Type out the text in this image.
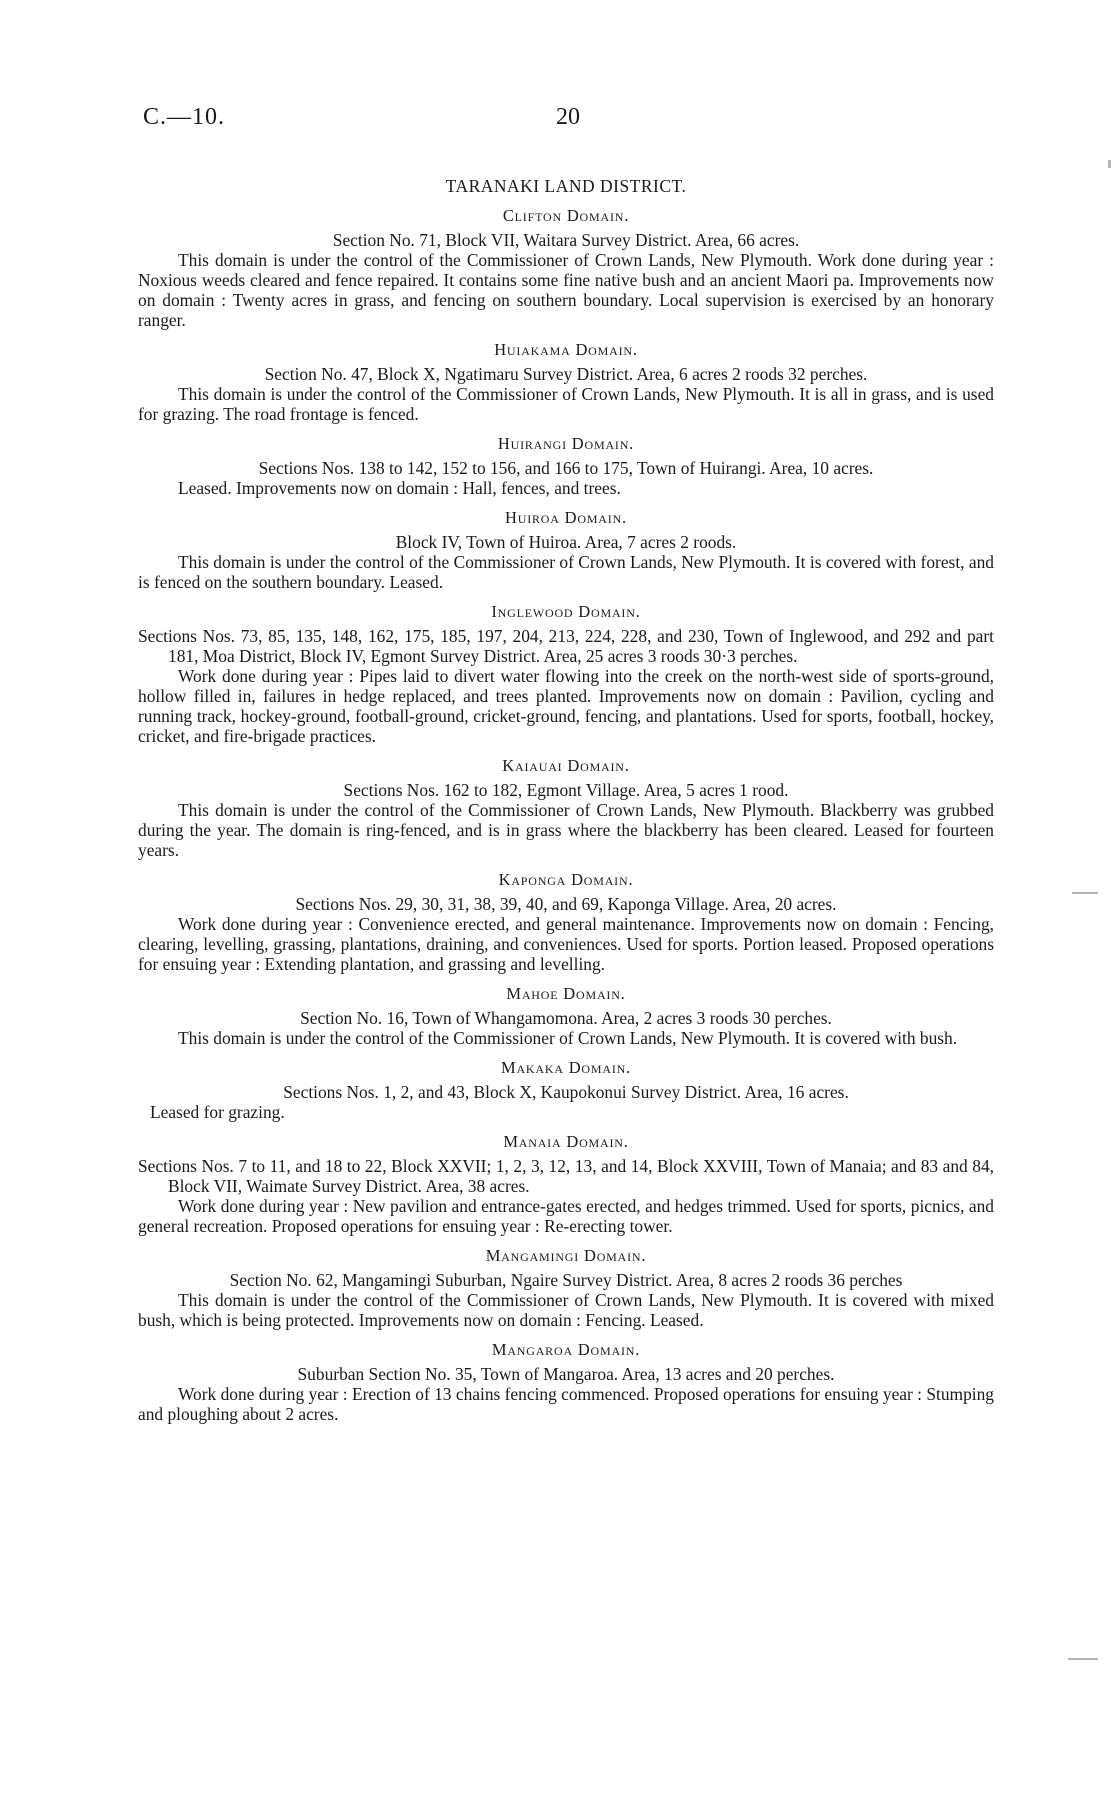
C.—10.	20
TARANAKI LAND DISTRICT.
Clifton Domain.
Section No. 71, Block VII, Waitara Survey District. Area, 66 acres.
This domain is under the control of the Commissioner of Crown Lands, New Plymouth. Work done during year : Noxious weeds cleared and fence repaired. It contains some fine native bush and an ancient Maori pa. Improvements now on domain : Twenty acres in grass, and fencing on southern boundary. Local supervision is exercised by an honorary ranger.
Huiakama Domain.
Section No. 47, Block X, Ngatimaru Survey District. Area, 6 acres 2 roods 32 perches.
This domain is under the control of the Commissioner of Crown Lands, New Plymouth. It is all in grass, and is used for grazing. The road frontage is fenced.
Huirangi Domain.
Sections Nos. 138 to 142, 152 to 156, and 166 to 175, Town of Huirangi. Area, 10 acres.
Leased. Improvements now on domain : Hall, fences, and trees.
Huiroa Domain.
Block IV, Town of Huiroa. Area, 7 acres 2 roods.
This domain is under the control of the Commissioner of Crown Lands, New Plymouth. It is covered with forest, and is fenced on the southern boundary. Leased.
Inglewood Domain.
Sections Nos. 73, 85, 135, 148, 162, 175, 185, 197, 204, 213, 224, 228, and 230, Town of Inglewood, and 292 and part 181, Moa District, Block IV, Egmont Survey District. Area, 25 acres 3 roods 30·3 perches.
Work done during year : Pipes laid to divert water flowing into the creek on the north-west side of sports-ground, hollow filled in, failures in hedge replaced, and trees planted. Improvements now on domain : Pavilion, cycling and running track, hockey-ground, football-ground, cricket-ground, fencing, and plantations. Used for sports, football, hockey, cricket, and fire-brigade practices.
Kaiauai Domain.
Sections Nos. 162 to 182, Egmont Village. Area, 5 acres 1 rood.
This domain is under the control of the Commissioner of Crown Lands, New Plymouth. Blackberry was grubbed during the year. The domain is ring-fenced, and is in grass where the blackberry has been cleared. Leased for fourteen years.
Kaponga Domain.
Sections Nos. 29, 30, 31, 38, 39, 40, and 69, Kaponga Village. Area, 20 acres.
Work done during year : Convenience erected, and general maintenance. Improvements now on domain : Fencing, clearing, levelling, grassing, plantations, draining, and conveniences. Used for sports. Portion leased. Proposed operations for ensuing year : Extending plantation, and grassing and levelling.
Mahoe Domain.
Section No. 16, Town of Whangamomona. Area, 2 acres 3 roods 30 perches.
This domain is under the control of the Commissioner of Crown Lands, New Plymouth. It is covered with bush.
Makaka Domain.
Sections Nos. 1, 2, and 43, Block X, Kaupokonui Survey District. Area, 16 acres.
Leased for grazing.
Manaia Domain.
Sections Nos. 7 to 11, and 18 to 22, Block XXVII; 1, 2, 3, 12, 13, and 14, Block XXVIII, Town of Manaia; and 83 and 84, Block VII, Waimate Survey District. Area, 38 acres.
Work done during year : New pavilion and entrance-gates erected, and hedges trimmed. Used for sports, picnics, and general recreation. Proposed operations for ensuing year : Re-erecting tower.
Mangamingi Domain.
Section No. 62, Mangamingi Suburban, Ngaire Survey District. Area, 8 acres 2 roods 36 perches
This domain is under the control of the Commissioner of Crown Lands, New Plymouth. It is covered with mixed bush, which is being protected. Improvements now on domain : Fencing. Leased.
Mangaroa Domain.
Suburban Section No. 35, Town of Mangaroa. Area, 13 acres and 20 perches.
Work done during year : Erection of 13 chains fencing commenced. Proposed operations for ensuing year : Stumping and ploughing about 2 acres.
